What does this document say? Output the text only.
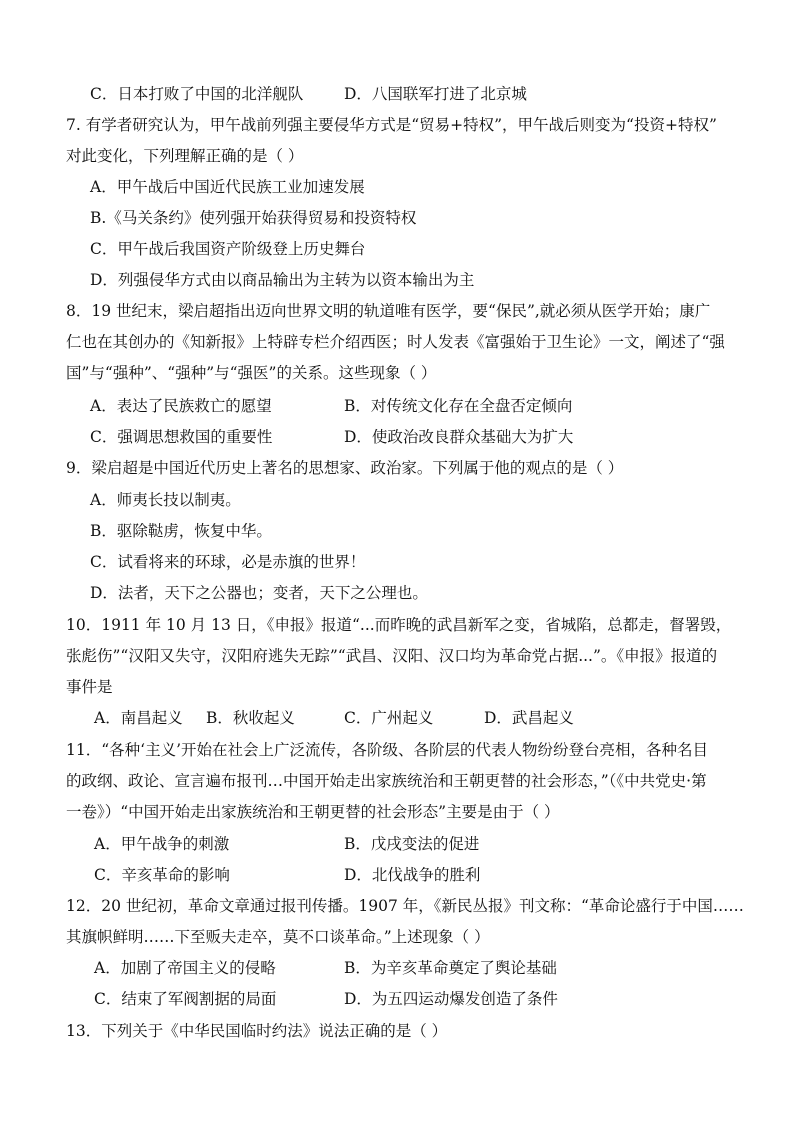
C．日本打败了中国的北洋舰队	D．八国联军打进了北京城
7. 有学者研究认为，甲午战前列强主要侵华方式是“贸易+特权”，甲午战后则变为“投资+特权”
对此变化，下列理解正确的是（ ）
A．甲午战后中国近代民族工业加速发展
B.《马关条约》使列强开始获得贸易和投资特权
C．甲午战后我国资产阶级登上历史舞台
D．列强侵华方式由以商品输出为主转为以资本输出为主
8．19 世纪末，梁启超指出迈向世界文明的轨道唯有医学，要“保民”,就必须从医学开始；康广
仁也在其创办的《知新报》上特辟专栏介绍西医；时人发表《富强始于卫生论》一文，阐述了“强
国”与“强种”、“强种”与“强医”的关系。这些现象（ ）
A．表达了民族救亡的愿望	B．对传统文化存在全盘否定倾向
C．强调思想救国的重要性	D．使政治改良群众基础大为扩大
9．梁启超是中国近代历史上著名的思想家、政治家。下列属于他的观点的是（ ）
A．师夷长技以制夷。
B．驱除鞑虏，恢复中华。
C．试看将来的环球，必是赤旗的世界！
D．法者，天下之公器也；变者，天下之公理也。
10．1911 年 10 月 13 日，《申报》报道“...而昨晚的武昌新军之变，省城陷，总都走，督署毁，
张彪伤”“汉阳又失守，汉阳府逃失无踪”“武昌、汉阳、汉口均为革命党占据...”。《申报》报道的
事件是
A．南昌起义 B．秋收起义	C．广州起义	D．武昌起义
11．“各种‘主义’开始在社会上广泛流传，各阶级、各阶层的代表人物纷纷登台亮相，各种名目
的政纲、政论、宣言遍布报刊…中国开始走出家族统治和王朝更替的社会形态，”（《中共党史·第
一卷》）“中国开始走出家族统治和王朝更替的社会形态”主要是由于（ ）
A．甲午战争的刺激	B．戊戌变法的促进
C．辛亥革命的影响	D．北伐战争的胜利
12．20 世纪初，革命文章通过报刊传播。1907 年，《新民丛报》刊文称：“革命论盛行于中国……
其旗帜鲜明……下至贩夫走卒，莫不口谈革命。”上述现象（ ）
A．加剧了帝国主义的侵略	B．为辛亥革命奠定了舆论基础
C．结束了军阀割据的局面	D．为五四运动爆发创造了条件
13．下列关于《中华民国临时约法》说法正确的是（ ）
